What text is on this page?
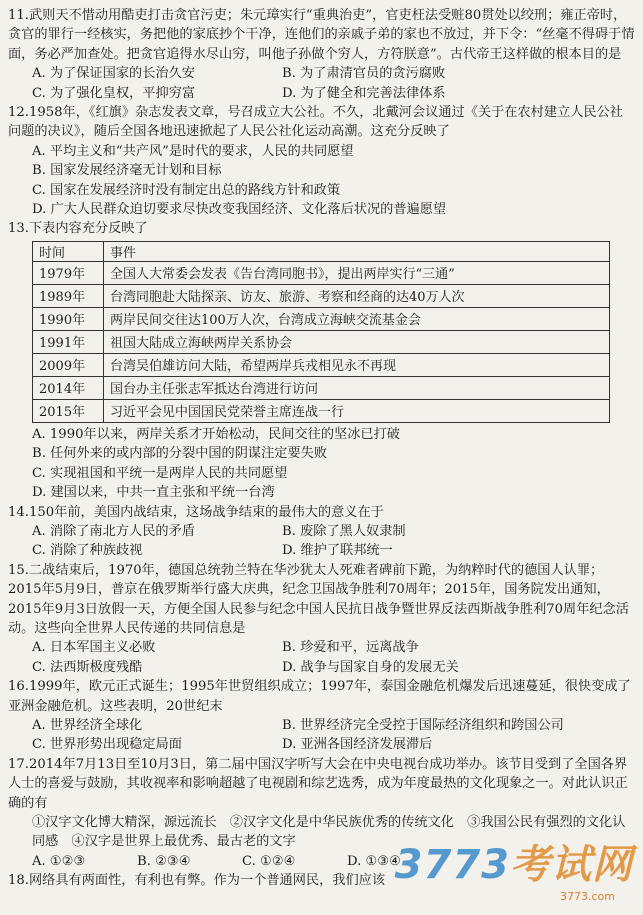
11.武则天不惜动用酷吏打击贪官污吏；朱元璋实行“重典治吏”，官吏枉法受赃80贯处以绞刑；雍正帝时，贪官的罪行一经核实，务把他的家底抄个干净，连他们的亲戚子弟的家也不放过，并下令：“丝毫不得碍于情面，务必严加查处。把贪官追得水尽山穷，叫他子孙做个穷人，方符朕意”。古代帝王这样做的根本目的是

A. 为了保证国家的长治久安	B. 为了肃清官员的贪污腐败
C. 为了强化皇权，平抑穷富	D. 为了健全和完善法律体系

12.1958年，《红旗》杂志发表文章，号召成立大公社。不久，北戴河会议通过《关于在农村建立人民公社问题的决议》，随后全国各地迅速掀起了人民公社化运动高潮。这充分反映了

A. 平均主义和“共产风”是时代的要求，人民的共同愿望
B. 国家发展经济毫无计划和目标
C. 国家在发展经济时没有制定出总的路线方针和政策
D. 广大人民群众迫切要求尽快改变我国经济、文化落后状况的普遍愿望

13.下表内容充分反映了

时间	事件
1979年	全国人大常委会发表《告台湾同胞书》，提出两岸实行“三通”
1989年	台湾同胞赴大陆探亲、访友、旅游、考察和经商的达40万人次
1990年	两岸民间交往达100万人次，台湾成立海峡交流基金会
1991年	祖国大陆成立海峡两岸关系协会
2009年	台湾吴伯雄访问大陆，希望两岸兵戎相见永不再现
2014年	国台办主任张志军抵达台湾进行访问
2015年	习近平会见中国国民党荣誉主席连战一行
A. 1990年以来，两岸关系才开始松动，民间交往的坚冰已打破
B. 任何外来的或内部的分裂中国的阴谋注定要失败
C. 实现祖国和平统一是两岸人民的共同愿望
D. 建国以来，中共一直主张和平统一台湾

14.150年前，美国内战结束，这场战争结束的最伟大的意义在于

A. 消除了南北方人民的矛盾	B. 废除了黑人奴隶制
C. 消除了种族歧视	D. 维护了联邦统一

15.二战结束后，1970年，德国总统勃兰特在华沙犹太人死难者碑前下跪，为纳粹时代的德国人认罪；2015年5月9日，普京在俄罗斯举行盛大庆典，纪念卫国战争胜利70周年；2015年，国务院发出通知，2015年9月3日放假一天，方便全国人民参与纪念中国人民抗日战争暨世界反法西斯战争胜利70周年纪念活动。这些向全世界人民传递的共同信息是

A. 日本军国主义必败	B. 珍爱和平，远离战争
C. 法西斯极度残酷	D. 战争与国家自身的发展无关

16.1999年，欧元正式诞生；1995年世贸组织成立；1997年，泰国金融危机爆发后迅速蔓延，很快变成了亚洲金融危机。这些表明，20世纪末

A. 世界经济全球化	B. 世界经济完全受控于国际经济组织和跨国公司
C. 世界形势出现稳定局面	D. 亚洲各国经济发展滞后

17.2014年7月13日至10月3日，第二届中国汉字听写大会在中央电视台成功举办。该节目受到了全国各界人士的喜爱与鼓励，其收视率和影响超越了电视剧和综艺选秀，成为年度最热的文化现象之一。对此认识正确的有

①汉字文化博大精深，源远流长　②汉字文化是中华民族优秀的传统文化　③我国公民有强烈的文化认同感　④汉字是世界上最优秀、最古老的文字

A. ①②③	B. ②③④	C. ①②④	D. ①③④

18.网络具有两面性，有利也有弊。作为一个普通网民，我们应该 3773考试网
3773.com
